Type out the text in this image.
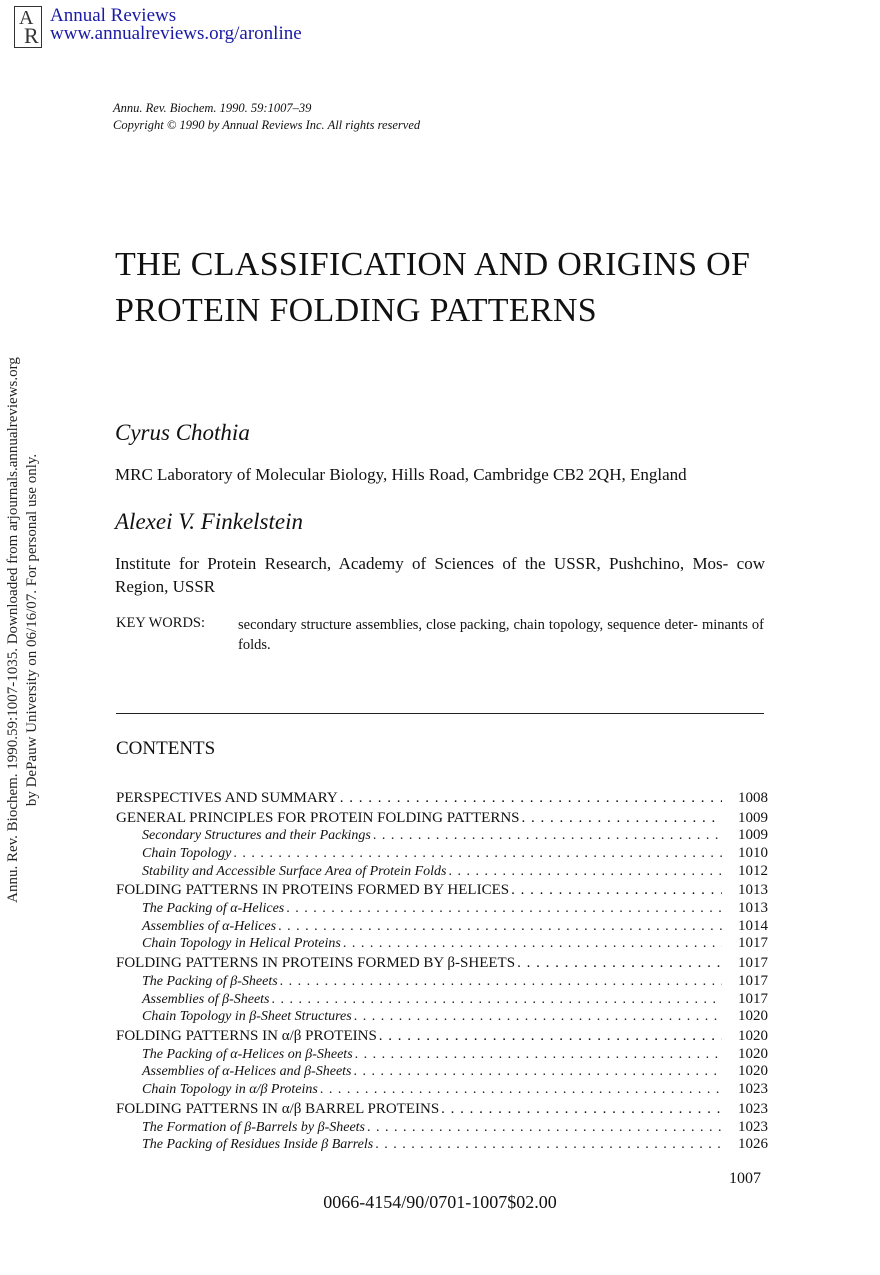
A
R
Annual Reviews
www.annualreviews.org/aronline
Annu. Rev. Biochem. 1990.59:1007-1035. Downloaded from arjournals.annualreviews.org by DePauw University on 06/16/07. For personal use only.
Annu. Rev. Biochem. 1990. 59:1007–39
Copyright © 1990 by Annual Reviews Inc. All rights reserved
THE CLASSIFICATION AND ORIGINS OF PROTEIN FOLDING PATTERNS
Cyrus Chothia
MRC Laboratory of Molecular Biology, Hills Road, Cambridge CB2 2QH, England
Alexei V. Finkelstein
Institute for Protein Research, Academy of Sciences of the USSR, Pushchino, Mos- cow Region, USSR
KEY WORDS: secondary structure assemblies, close packing, chain topology, sequence deter- minants of folds.
CONTENTS
PERSPECTIVES AND SUMMARY . . .	1008
GENERAL PRINCIPLES FOR PROTEIN FOLDING PATTERNS . . .	1009
Secondary Structures and their Packings . . .	1009
Chain Topology . . .	1010
Stability and Accessible Surface Area of Protein Folds . . .	1012
FOLDING PATTERNS IN PROTEINS FORMED BY HELICES . . .	1013
The Packing of α-Helices . . .	1013
Assemblies of α-Helices . . .	1014
Chain Topology in Helical Proteins . . .	1017
FOLDING PATTERNS IN PROTEINS FORMED BY β-SHEETS . . .	1017
The Packing of β-Sheets . . .	1017
Assemblies of β-Sheets . . .	1017
Chain Topology in β-Sheet Structures . . .	1020
FOLDING PATTERNS IN α/β PROTEINS . . .	1020
The Packing of α-Helices on β-Sheets . . .	1020
Assemblies of α-Helices and β-Sheets . . .	1020
Chain Topology in α/β Proteins . . .	1023
FOLDING PATTERNS IN α/β BARREL PROTEINS . . .	1023
The Formation of β-Barrels by β-Sheets . . .	1023
The Packing of Residues Inside β Barrels . . .	1026
1007
0066-4154/90/0701-1007$02.00
